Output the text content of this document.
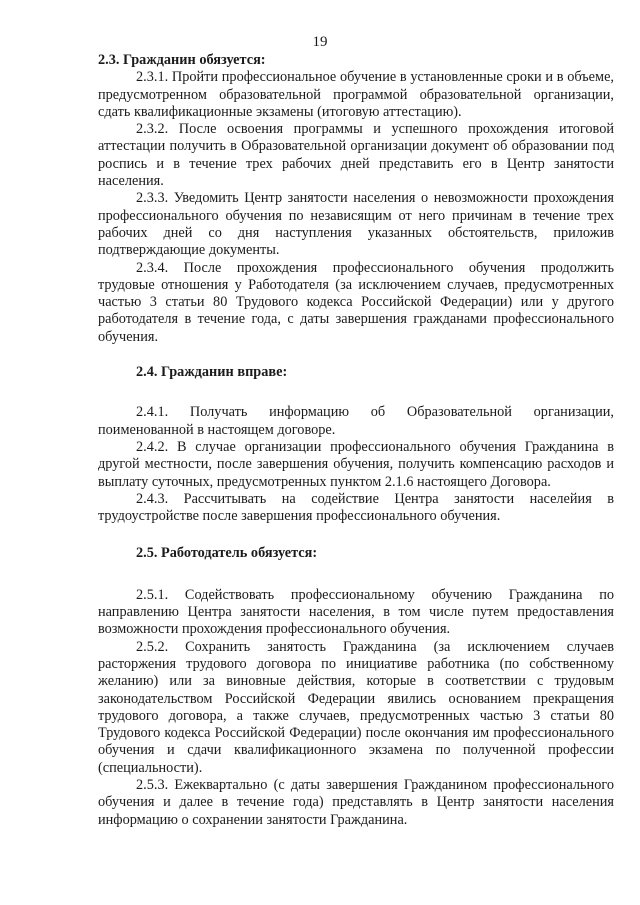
19

2.3. Гражданин обязуется:

2.3.1. Пройти профессиональное обучение в установленные сроки и в объеме, предусмотренном образовательной программой образовательной организации, сдать квалификационные экзамены (итоговую аттестацию).

2.3.2. После освоения программы и успешного прохождения итоговой аттестации получить в Образовательной организации документ об образовании под роспись и в течение трех рабочих дней представить его в Центр занятости населения.

2.3.3. Уведомить Центр занятости населения о невозможности прохождения профессионального обучения по независящим от него причинам в течение трех рабочих дней со дня наступления указанных обстоятельств, приложив подтверждающие документы.

2.3.4. После прохождения профессионального обучения продолжить трудовые отношения у Работодателя (за исключением случаев, предусмотренных частью 3 статьи 80 Трудового кодекса Российской Федерации) или у другого работодателя в течение года, с даты завершения гражданами профессионального обучения.

2.4. Гражданин вправе:

2.4.1. Получать информацию об Образовательной организации, поименованной в настоящем договоре.

2.4.2. В случае организации профессионального обучения Гражданина в другой местности, после завершения обучения, получить компенсацию расходов и выплату суточных, предусмотренных пунктом 2.1.6 настоящего Договора.

2.4.3. Рассчитывать на содействие Центра занятости населейия в трудоустройстве после завершения профессионального обучения.

2.5. Работодатель обязуется:

2.5.1. Содействовать профессиональному обучению Гражданина по направлению Центра занятости населения, в том числе путем предоставления возможности прохождения профессионального обучения.

2.5.2. Сохранить занятость Гражданина (за исключением случаев расторжения трудового договора по инициативе работника (по собственному желанию) или за виновные действия, которые в соответствии с трудовым законодательством Российской Федерации явились основанием прекращения трудового договора, а также случаев, предусмотренных частью 3 статьи 80 Трудового кодекса Российской Федерации) после окончания им профессионального обучения и сдачи квалификационного экзамена по полученной профессии (специальности).

2.5.3. Ежеквартально (с даты завершения Гражданином профессионального обучения и далее в течение года) представлять в Центр занятости населения информацию о сохранении занятости Гражданина.
